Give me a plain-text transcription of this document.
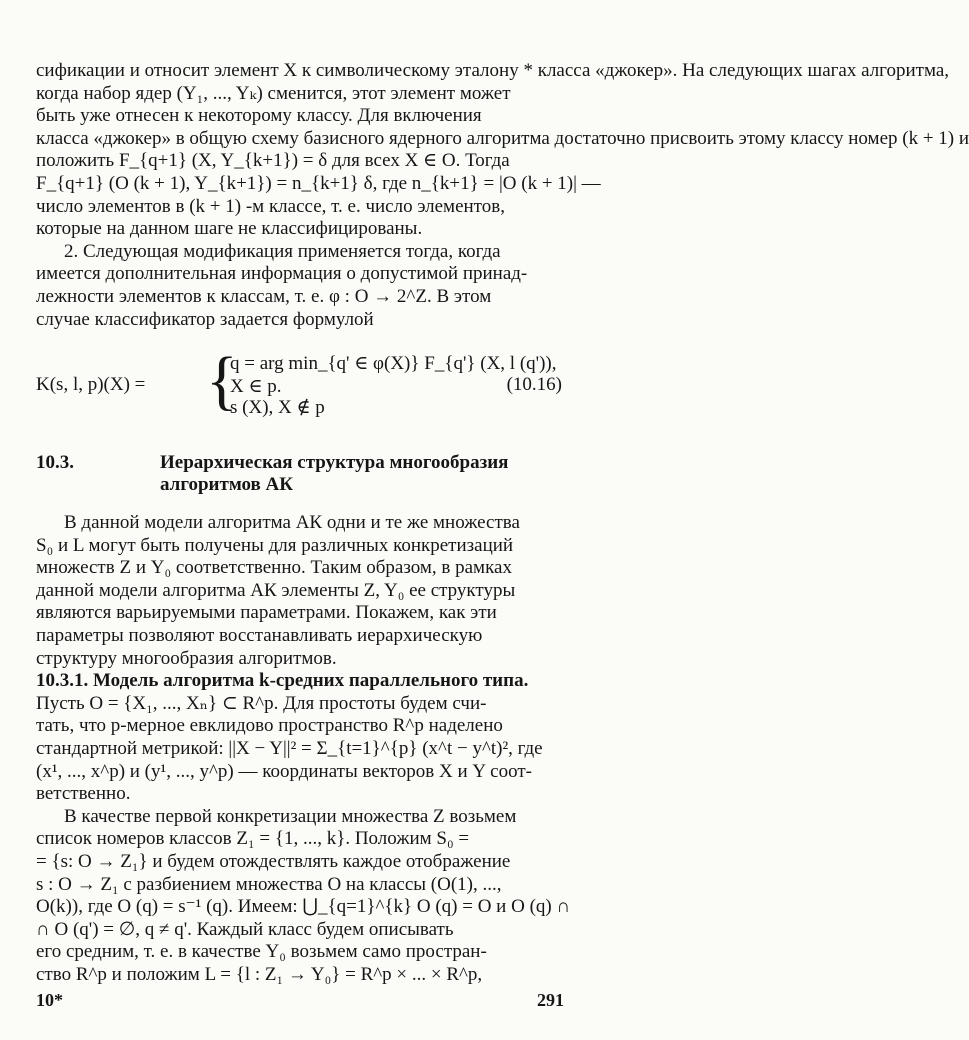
сификации и относит элемент X к символическому эталону * класса «джокер». На следующих шагах алгоритма,
когда набор ядер (Y₁, ..., Yₖ) сменится, этот элемент может
быть уже отнесен к некоторому классу. Для включения
класса «джокер» в общую схему базисного ядерного алгоритма достаточно присвоить этому классу номер (k + 1) и
положить F_{q+1} (X, Y_{k+1}) = δ для всех X ∈ O. Тогда
F_{q+1} (O (k + 1), Y_{k+1}) = n_{k+1} δ, где n_{k+1} = |O (k + 1)| —
число элементов в (k + 1) -м классе, т. е. число элементов,
которые на данном шаге не классифицированы.
2. Следующая модификация применяется тогда, когда
имеется дополнительная информация о допустимой принад-
лежности элементов к классам, т. е. φ : O → 2^Z. В этом
случае классификатор задается формулой
K(s, l, p)(X) = {
q = arg min_{q' ∈ φ(X)} F_{q'} (X, l (q')), X ∈ p.
s (X), X ∉ p
(10.16)
10.3.	Иерархическая структура многообразия
алгоритмов АК
В данной модели алгоритма АК одни и те же множества
S₀ и L могут быть получены для различных конкретизаций
множеств Z и Y₀ соответственно. Таким образом, в рамках
данной модели алгоритма АК элементы Z, Y₀ ее структуры
являются варьируемыми параметрами. Покажем, как эти
параметры позволяют восстанавливать иерархическую
структуру многообразия алгоритмов.
10.3.1. Модель алгоритма k-средних параллельного типа.
Пусть O = {X₁, ..., Xₙ} ⊂ R^p. Для простоты будем счи-
тать, что p-мерное евклидово пространство R^p наделено
стандартной метрикой: ||X − Y||² = Σ_{t=1}^{p} (x^t − y^t)², где
(x¹, ..., x^p) и (y¹, ..., y^p) — координаты векторов X и Y соот-
ветственно.
В качестве первой конкретизации множества Z возьмем
список номеров классов Z₁ = {1, ..., k}. Положим S₀ =
= {s: O → Z₁} и будем отождествлять каждое отображение
s : O → Z₁ с разбиением множества O на классы (O(1), ...,
O(k)), где O (q) = s⁻¹ (q). Имеем: ⋃_{q=1}^{k} O (q) = O и O (q) ∩
∩ O (q') = ∅, q ≠ q'. Каждый класс будем описывать
его средним, т. е. в качестве Y₀ возьмем само простран-
ство R^p и положим L = {l : Z₁ → Y₀} = R^p × ... × R^p,
10*	291
